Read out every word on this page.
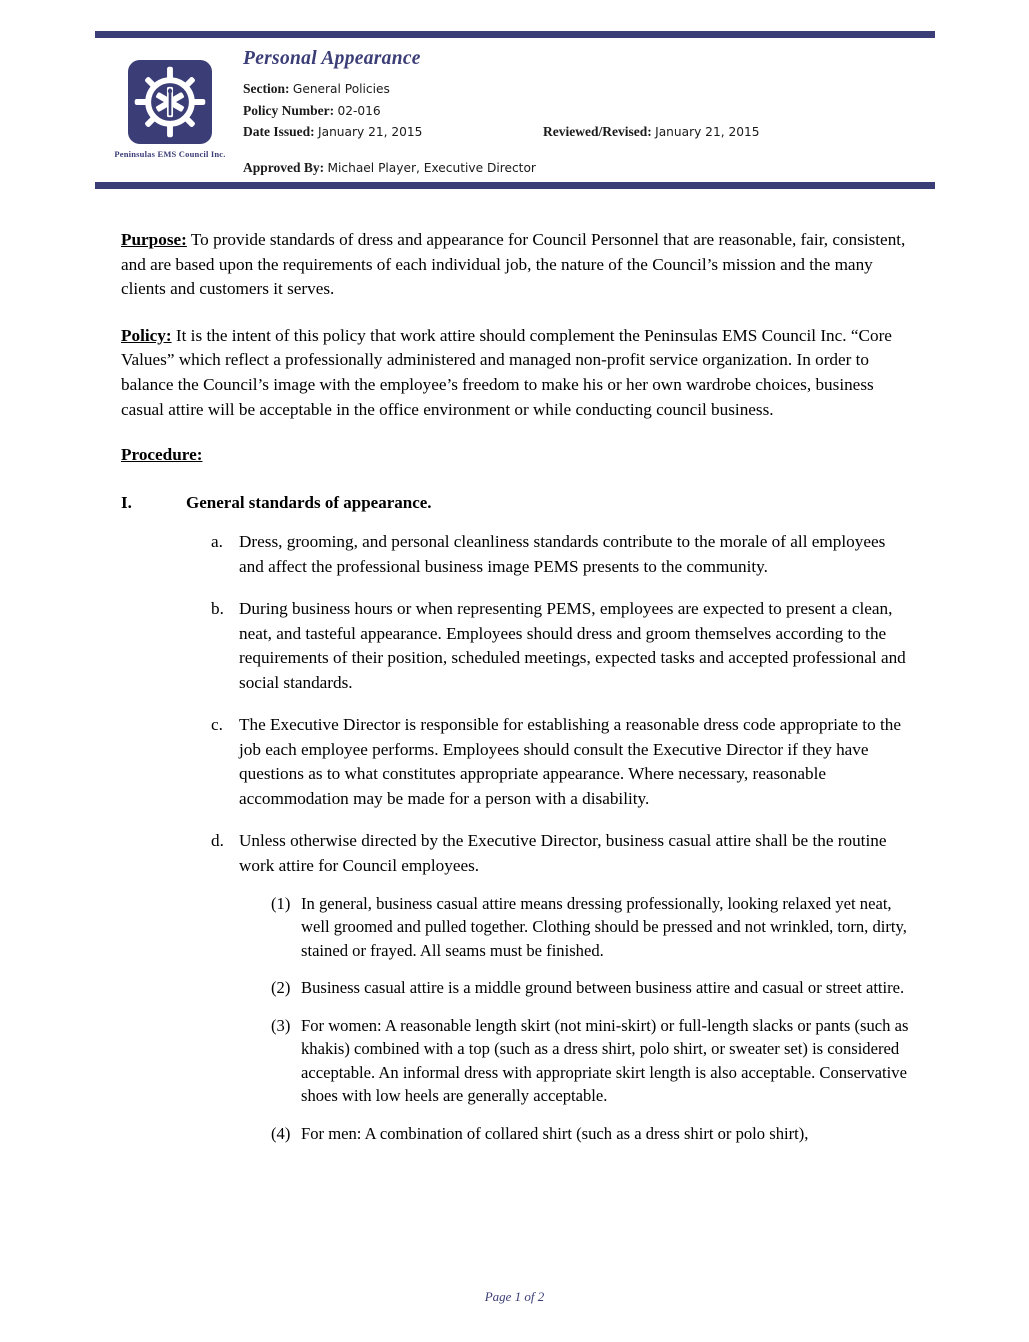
Peninsulas EMS Council Inc.
Personal Appearance
Section: General Policies
Policy Number: 02-016
Date Issued: January 21, 2015	Reviewed/Revised: January 21, 2015
Approved By: Michael Player, Executive Director

Purpose: To provide standards of dress and appearance for Council Personnel that are reasonable, fair, consistent, and are based upon the requirements of each individual job, the nature of the Council’s mission and the many clients and customers it serves.

Policy: It is the intent of this policy that work attire should complement the Peninsulas EMS Council Inc. “Core Values” which reflect a professionally administered and managed non-profit service organization. In order to balance the Council’s image with the employee’s freedom to make his or her own wardrobe choices, business casual attire will be acceptable in the office environment or while conducting council business.

Procedure:
I.	General standards of appearance.
a. Dress, grooming, and personal cleanliness standards contribute to the morale of all employees and affect the professional business image PEMS presents to the community.
b. During business hours or when representing PEMS, employees are expected to present a clean, neat, and tasteful appearance. Employees should dress and groom themselves according to the requirements of their position, scheduled meetings, expected tasks and accepted professional and social standards.
c. The Executive Director is responsible for establishing a reasonable dress code appropriate to the job each employee performs. Employees should consult the Executive Director if they have questions as to what constitutes appropriate appearance. Where necessary, reasonable accommodation may be made for a person with a disability.
d. Unless otherwise directed by the Executive Director, business casual attire shall be the routine work attire for Council employees.
(1) In general, business casual attire means dressing professionally, looking relaxed yet neat, well groomed and pulled together. Clothing should be pressed and not wrinkled, torn, dirty, stained or frayed. All seams must be finished.
(2) Business casual attire is a middle ground between business attire and casual or street attire.
(3) For women: A reasonable length skirt (not mini-skirt) or full-length slacks or pants (such as khakis) combined with a top (such as a dress shirt, polo shirt, or sweater set) is considered acceptable. An informal dress with appropriate skirt length is also acceptable. Conservative shoes with low heels are generally acceptable.
(4) For men: A combination of collared shirt (such as a dress shirt or polo shirt),
Page 1 of 2
